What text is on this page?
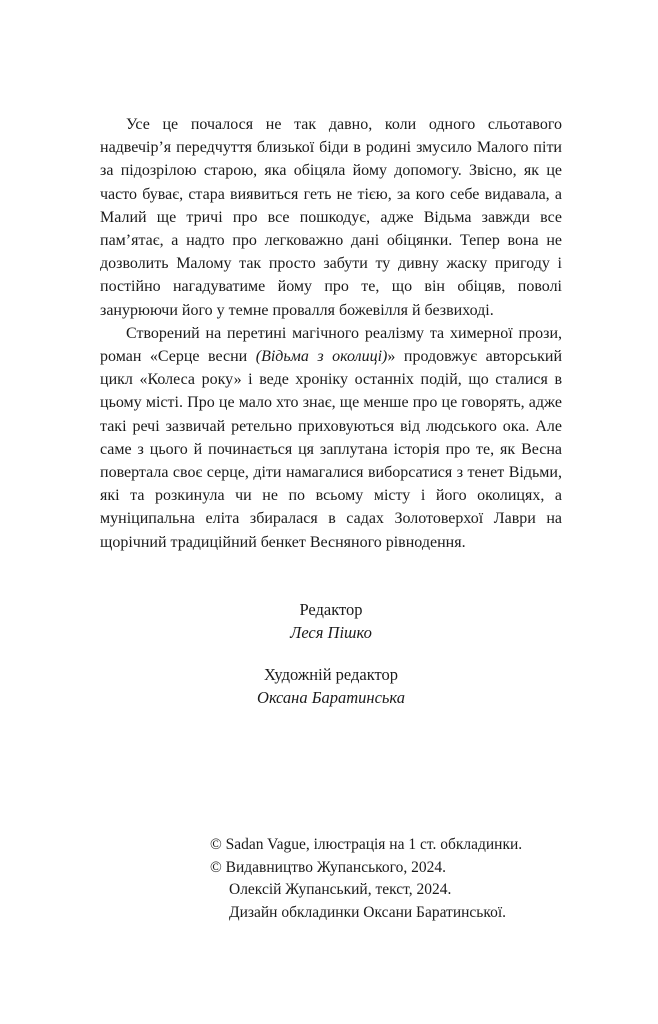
Усе це почалося не так давно, коли одного сльотавого надвечір’я передчуття близької біди в родині змусило Малого піти за підозрілою старою, яка обіцяла йому допомогу. Звісно, як це часто буває, стара виявиться геть не тією, за кого себе видавала, а Малий ще тричі про все пошкодує, адже Відьма завжди все пам’ятає, а надто про легковажно дані обіцянки. Тепер вона не дозволить Малому так просто забути ту дивну жаску пригоду і постійно нагадуватиме йому про те, що він обіцяв, поволі занурюючи його у темне провалля божевілля й безвиході.

Створений на перетині магічного реалізму та химерної прози, роман «Серце весни (Відьма з околиці)» продовжує авторський цикл «Колеса року» і веде хроніку останніх подій, що сталися в цьому місті. Про це мало хто знає, ще менше про це говорять, адже такі речі зазвичай ретельно приховуються від людського ока. Але саме з цього й починається ця заплутана історія про те, як Весна повертала своє серце, діти намагалися виборсатися з тенет Відьми, які та розкинула чи не по всьому місту і його околицях, а муніципальна еліта збиралася в садах Золотоверхої Лаври на щорічний традиційний бенкет Весняного рівнодення.

Редактор
Леся Пішко
Художній редактор
Оксана Баратинська
© Sadan Vague, ілюстрація на 1 ст. обкладинки.
© Видавництво Жупанського, 2024.
Олексій Жупанський, текст, 2024.
Дизайн обкладинки Оксани Баратинської.
